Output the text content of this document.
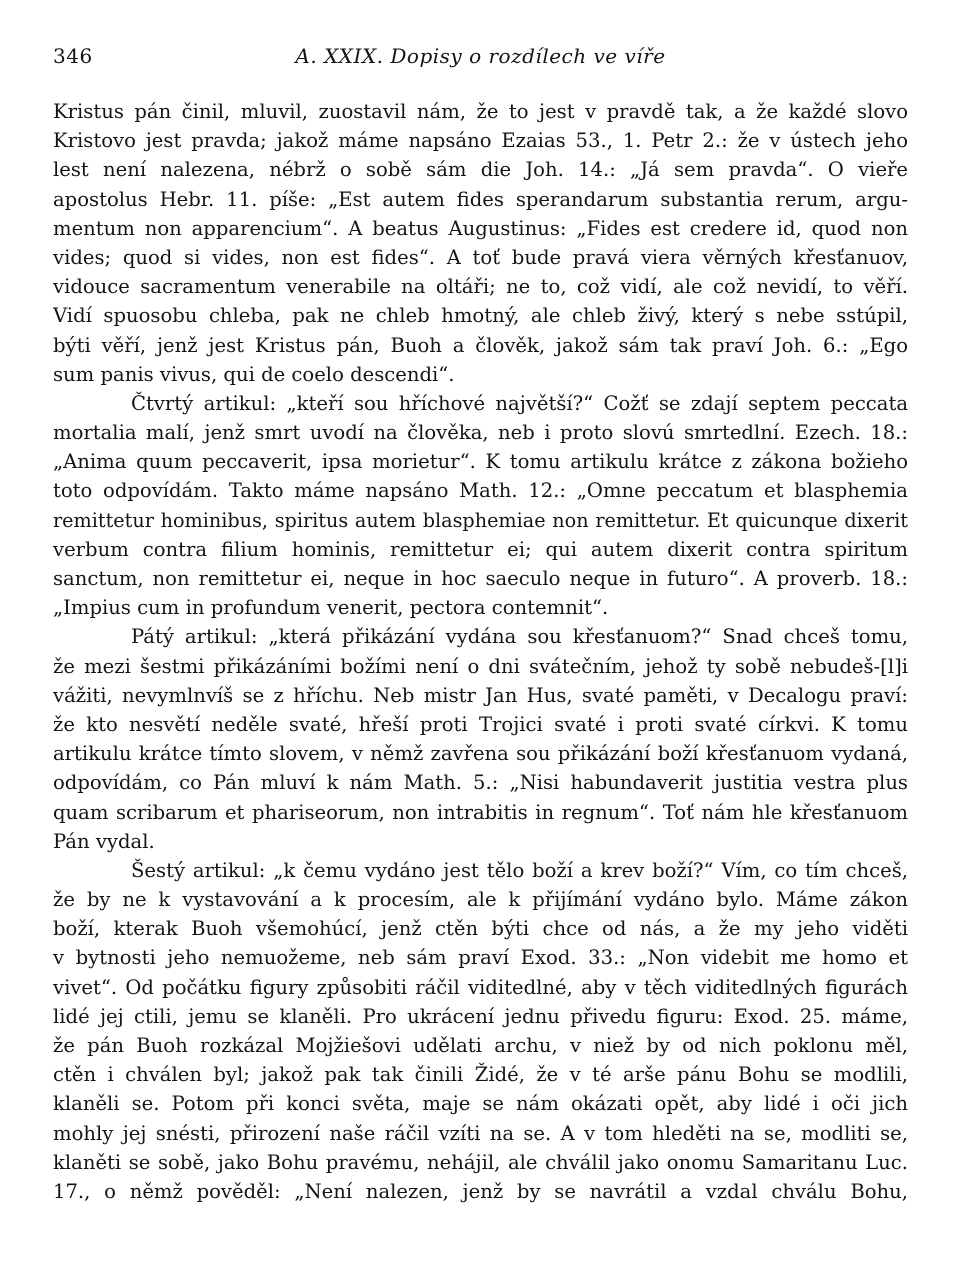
346	A. XXIX. Dopisy o rozdílech ve víře
Kristus pán činil, mluvil, zuostavil nám, že to jest v pravdě tak, a že každé slovo
Kristovo jest pravda; jakož máme napsáno Ezaias 53., 1. Petr 2.: že v ústech jeho
lest není nalezena, nébrž o sobě sám die Joh. 14.: „Já sem pravda“. O vieře
apostolus Hebr. 11. píše: „Est autem fides sperandarum substantia rerum, argu-
mentum non apparencium“. A beatus Augustinus: „Fides est credere id, quod non
vides; quod si vides, non est fides“. A toť bude pravá viera věrných křesťanuov,
vidouce sacramentum venerabile na oltáři; ne to, což vidí, ale což nevidí, to věří.
Vidí spuosobu chleba, pak ne chleb hmotný, ale chleb živý, který s nebe sstúpil,
býti věří, jenž jest Kristus pán, Buoh a člověk, jakož sám tak praví Joh. 6.: „Ego
sum panis vivus, qui de coelo descendi“.
Čtvrtý artikul: „kteří sou hříchové najvětší?“ Cožť se zdají septem peccata
mortalia malí, jenž smrt uvodí na člověka, neb i proto slovú smrtedlní. Ezech. 18.:
„Anima quum peccaverit, ipsa morietur“. K tomu artikulu krátce z zákona božieho
toto odpovídám. Takto máme napsáno Math. 12.: „Omne peccatum et blasphemia
remittetur hominibus, spiritus autem blasphemiae non remittetur. Et quicunque dixerit
verbum contra filium hominis, remittetur ei; qui autem dixerit contra spiritum
sanctum, non remittetur ei, neque in hoc saeculo neque in futuro“. A proverb. 18.:
„Impius cum in profundum venerit, pectora contemnit“.
Pátý artikul: „která přikázání vydána sou křesťanuom?“ Snad chceš tomu,
že mezi šestmi přikázáními božími není o dni svátečním, jehož ty sobě nebudeš-[l]i
vážiti, nevymlnvíš se z hříchu. Neb mistr Jan Hus, svaté paměti, v Decalogu praví:
že kto nesvětí neděle svaté, hřeší proti Trojici svaté i proti svaté církvi. K tomu
artikulu krátce tímto slovem, v němž zavřena sou přikázání boží křesťanuom vydaná,
odpovídám, co Pán mluví k nám Math. 5.: „Nisi habundaverit justitia vestra plus
quam scribarum et phariseorum, non intrabitis in regnum“. Toť nám hle křesťanuom
Pán vydal.
Šestý artikul: „k čemu vydáno jest tělo boží a krev boží?“ Vím, co tím chceš,
že by ne k vystavování a k procesím, ale k přijímání vydáno bylo. Máme zákon
boží, kterak Buoh všemohúcí, jenž ctěn býti chce od nás, a že my jeho viděti
v bytnosti jeho nemuožeme, neb sám praví Exod. 33.: „Non videbit me homo et
vivet“. Od počátku figury způsobiti ráčil viditedlné, aby v těch viditedlných figurách
lidé jej ctili, jemu se klaněli. Pro ukrácení jednu přivedu figuru: Exod. 25. máme,
že pán Buoh rozkázal Mojžiešovi udělati archu, v niež by od nich poklonu měl,
ctěn i chválen byl; jakož pak tak činili Židé, že v té arše pánu Bohu se modlili,
klaněli se. Potom při konci světa, maje se nám okázati opět, aby lidé i oči jich
mohly jej snésti, přirození naše ráčil vzíti na se. A v tom hleděti na se, modliti se,
klaněti se sobě, jako Bohu pravému, nehájil, ale chválil jako onomu Samaritanu Luc.
17., o němž pověděl: „Není nalezen, jenž by se navrátil a vzdal chválu Bohu,
